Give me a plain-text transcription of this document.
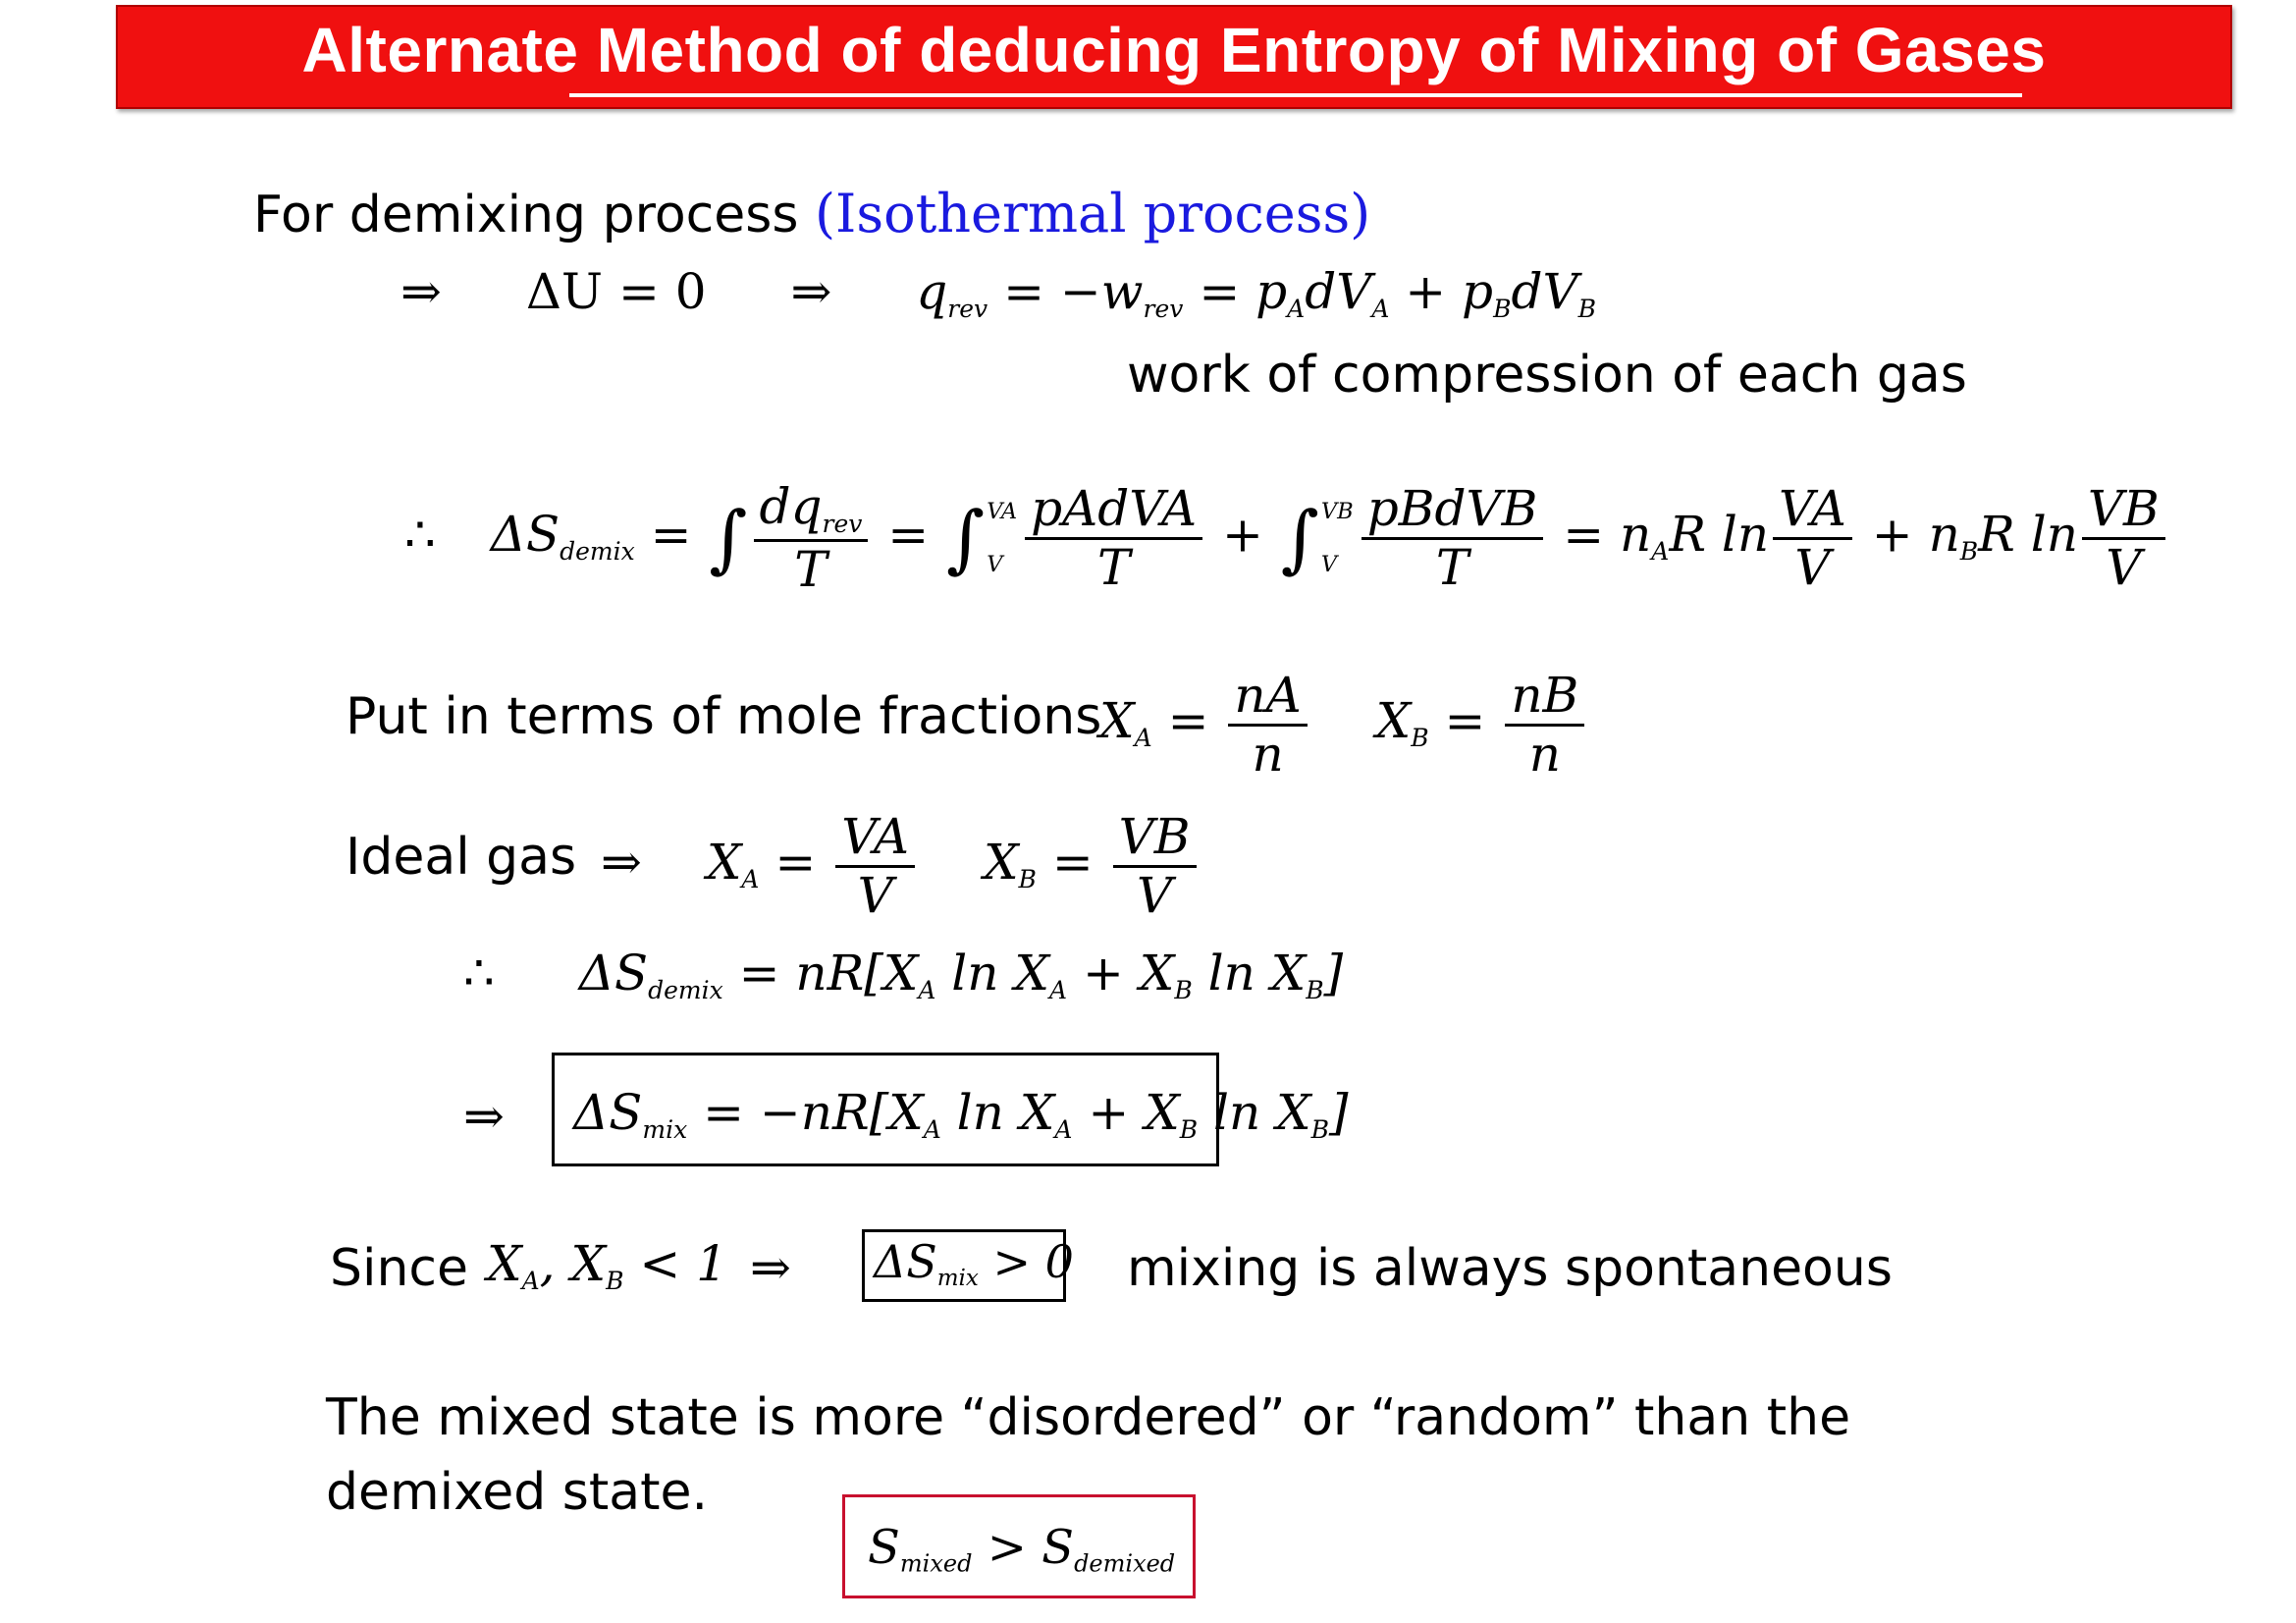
Alternate Method of deducing Entropy of Mixing of Gases
For demixing process (Isothermal process)
⇒ ΔU = 0 ⇒ $q_{rev} = -w_{rev} = p_AdV_A + p_BdV_B$
work of compression of each gas
∴ $\Delta S_{demix}$ = ∫ $\frac{dq_{rev}}{T}$ = ∫ VA
V $\frac{\text{pAdVA}}{T}$ + ∫ VB
V $\frac{\text{pBdVB}}{T} = n_AR$ $\ln \frac{VA}{V} + n_BR$ $\ln \frac{VB}{V}$
Put in terms of mole fractions
$X_A = \frac{nA}{n} X_B = \frac{nB}{n}$
Ideal gas ⇒ $X_A = \frac{VA}{V} X_B = \frac{VB}{V}$
∴ $\Delta S_{demix} = nR[X_A$ $\ln X_A + X_B$ $\ln X_B$]
⇒ $\Delta S_{mix} = -nR[X_A$ $\ln X_A + X_B$ $\ln X_B$]
Since $X_A$, $X_B < 1$ ⇒ $\Delta S_{mix} > 0$ mixing is always spontaneous
The mixed state is more “disordered” or “random” than the
demixed state.
$S_{mixed} > S_{demixed}$
